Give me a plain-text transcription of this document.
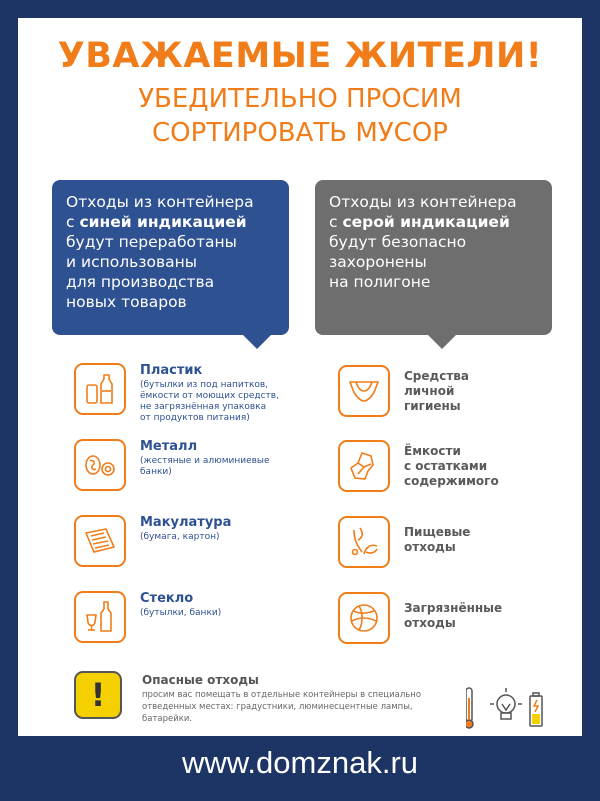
УВАЖАЕМЫЕ ЖИТЕЛИ!
УБЕДИТЕЛЬНО ПРОСИМ
СОРТИРОВАТЬ МУСОР
Отходы из контейнера
с синей индикацией
будут переработаны
и использованы
для производства
новых товаров
Отходы из контейнера
с серой индикацией
будут безопасно
захоронены
на полигоне
Пластик
(бутылки из под напитков,
ёмкости от моющих средств,
не загрязнённая упаковка
от продуктов питания)
Металл
(жестяные и алюминиевые
банки)
Макулатура
(бумага, картон)
Стекло
(бутылки, банки)
Средства
личной
гигиены
Ёмкости
с остатками
содержимого
Пищевые
отходы
Загрязнённые
отходы
!	Опасные отходы
просим вас помещать в отдельные контейнеры в специально
отведенных местах: градустники, люминесцентные лампы, батарейки.
www.domznak.ru
